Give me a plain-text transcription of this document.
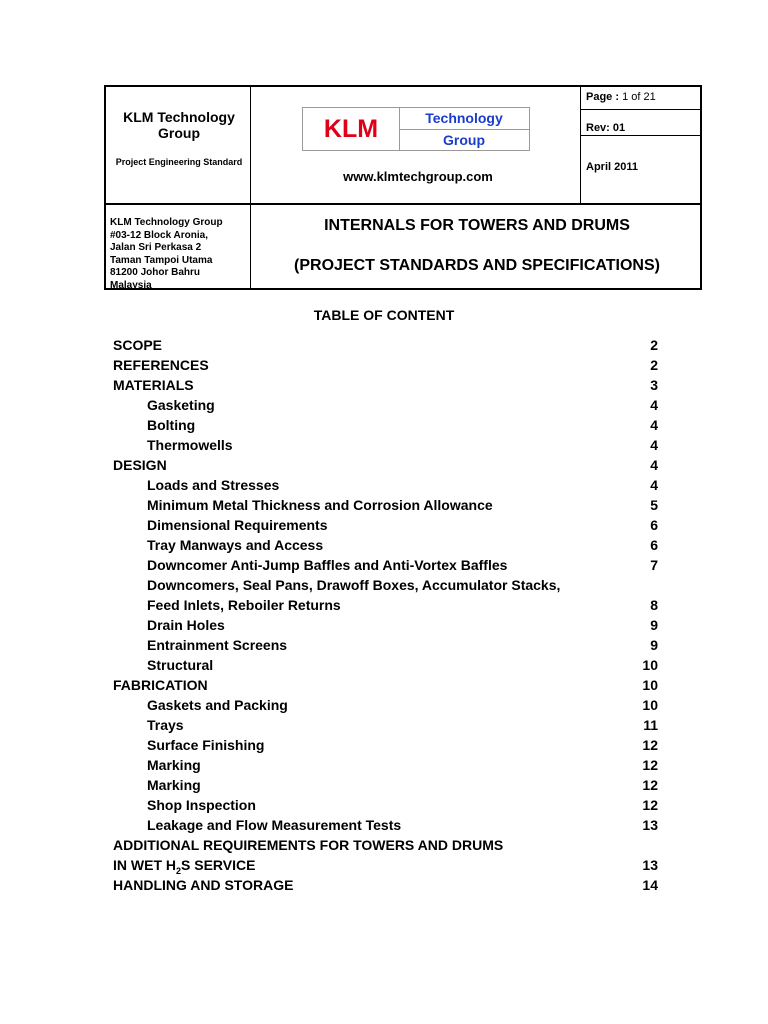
KLM Technology Group
Project Engineering Standard
KLM	Technology
Group
www.klmtechgroup.com
Page : 1 of 21
Rev: 01
April 2011
KLM Technology Group
#03-12 Block Aronia,
Jalan Sri Perkasa 2
Taman Tampoi Utama
81200 Johor Bahru
Malaysia
INTERNALS FOR TOWERS AND DRUMS
(PROJECT STANDARDS AND SPECIFICATIONS)
TABLE OF CONTENT
SCOPE	2
REFERENCES	2
MATERIALS	3
Gasketing	4
Bolting	4
Thermowells	4
DESIGN	4
Loads and Stresses	4
Minimum Metal Thickness and Corrosion Allowance	5
Dimensional Requirements	6
Tray Manways and Access	6
Downcomer Anti-Jump Baffles and Anti-Vortex Baffles	7
Downcomers, Seal Pans, Drawoff Boxes, Accumulator Stacks,
Feed Inlets, Reboiler Returns	8
Drain Holes	9
Entrainment Screens	9
Structural	10
FABRICATION	10
Gaskets and Packing	10
Trays	11
Surface Finishing	12
Marking	12
Marking	12
Shop Inspection	12
Leakage and Flow Measurement Tests	13
ADDITIONAL REQUIREMENTS FOR TOWERS AND DRUMS
IN WET $H_2S$ SERVICE	13
HANDLING AND STORAGE	14
